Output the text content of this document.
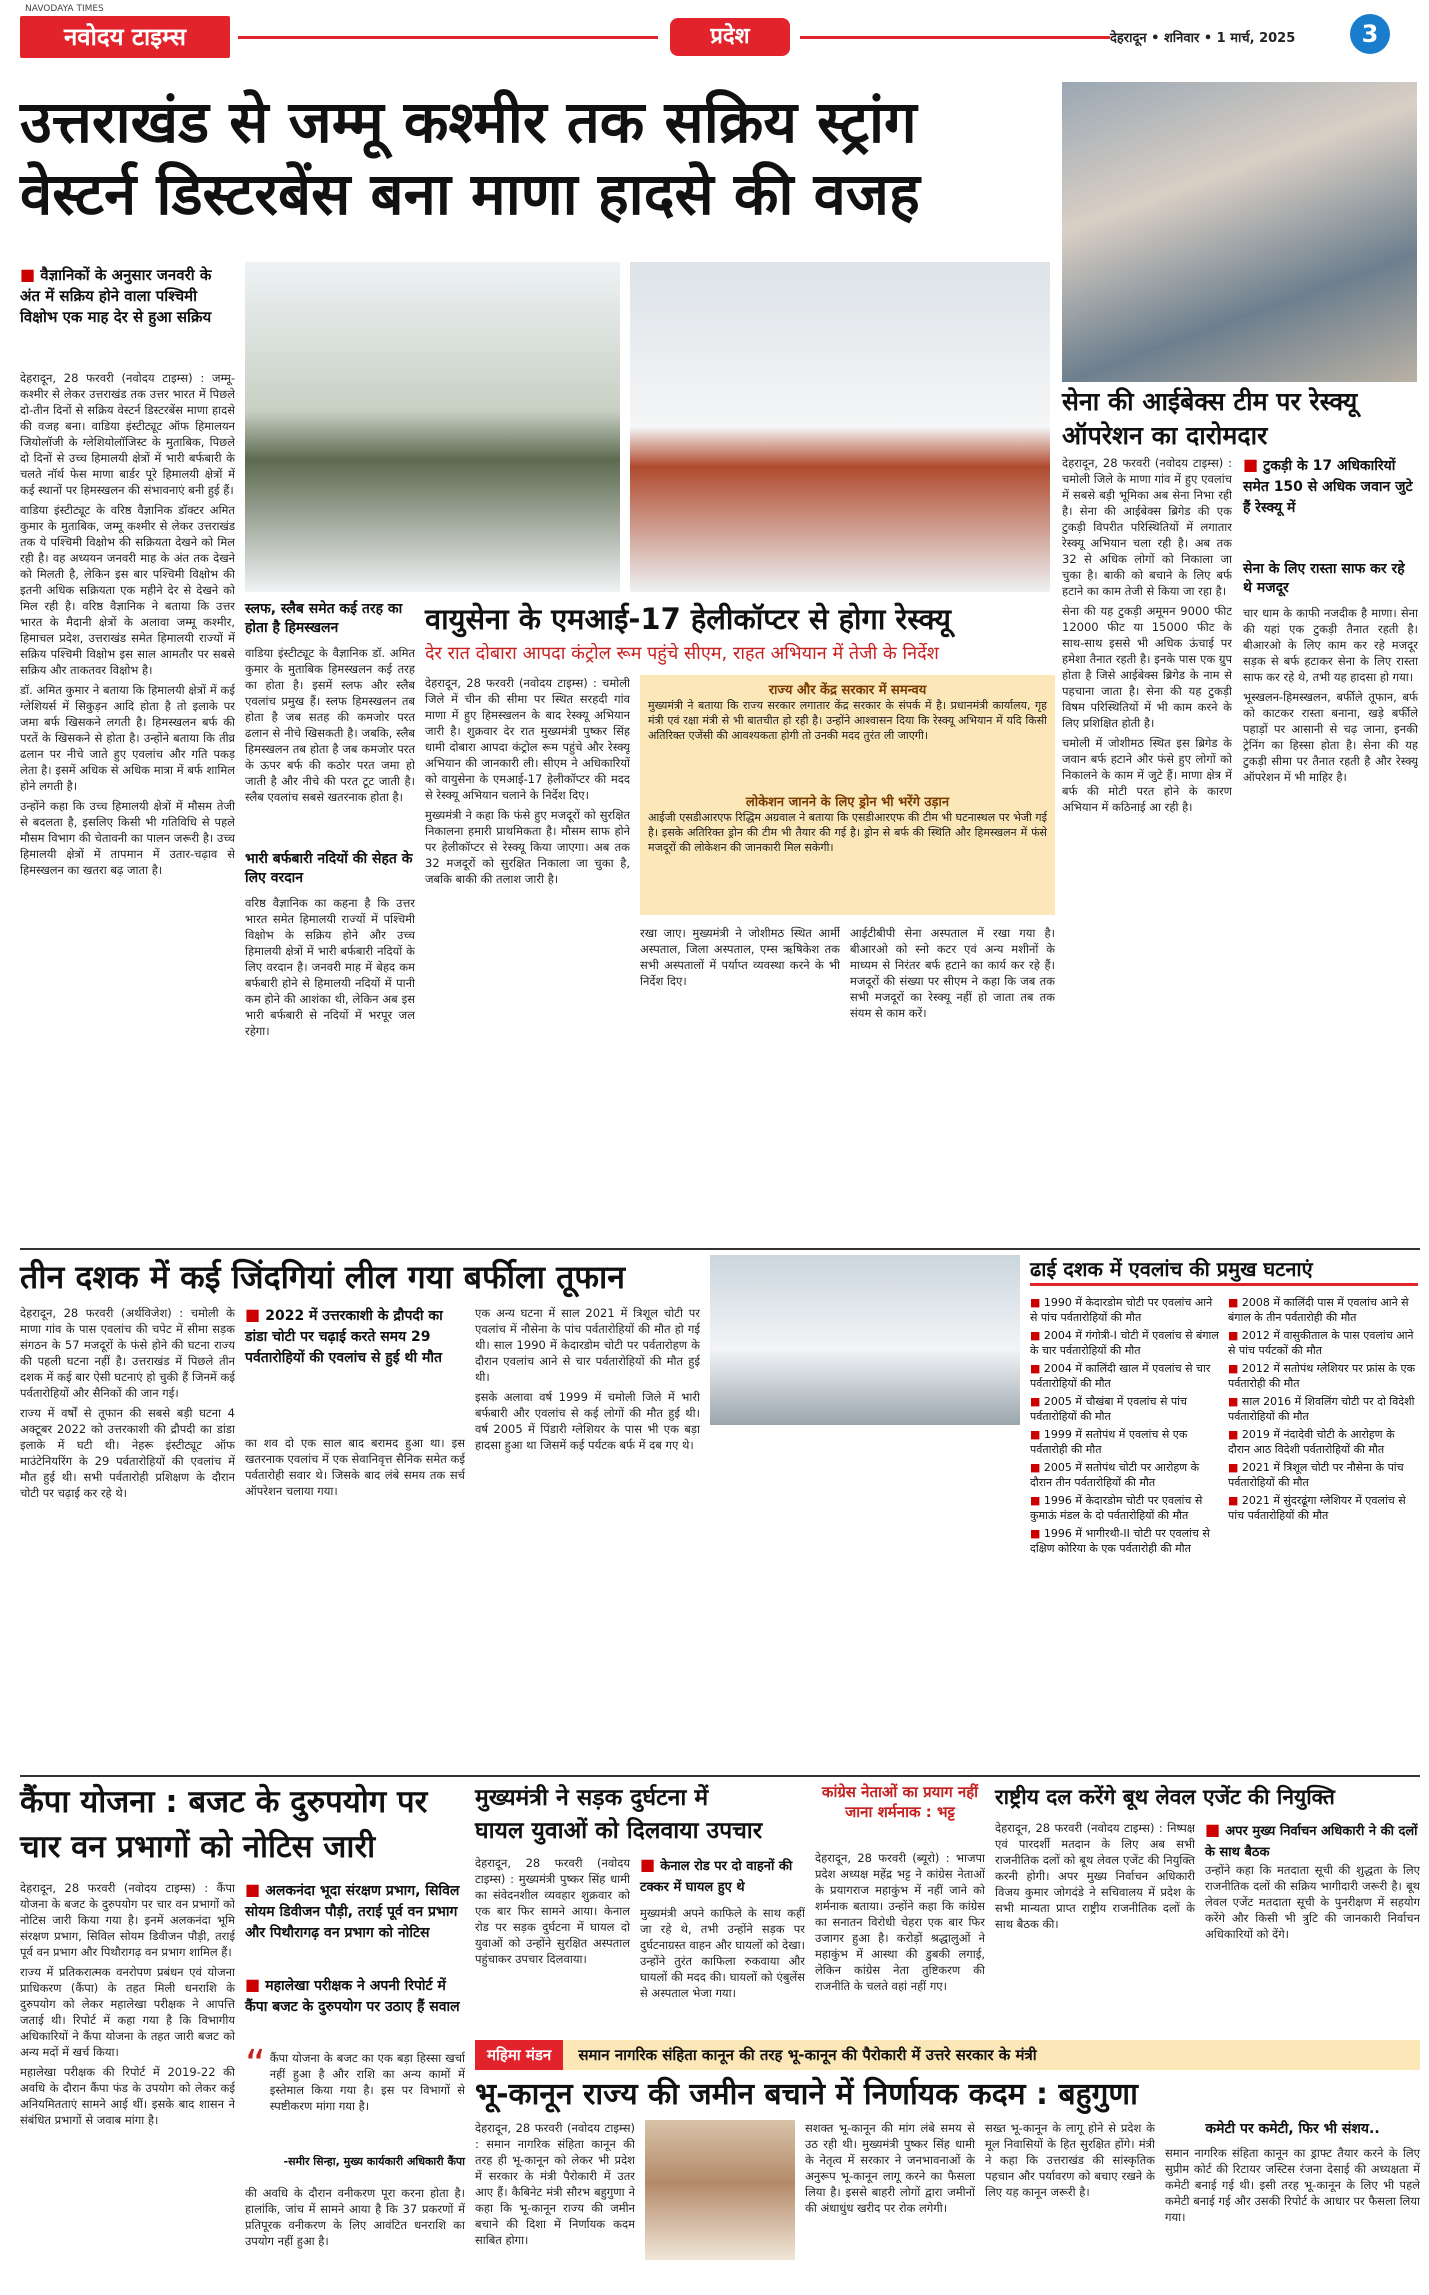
NAVODAYA TIMES
नवोदय टाइम्स	प्रदेश	देहरादून • शनिवार • 1 मार्च, 2025	3
उत्तराखंड से जम्मू कश्मीर तक सक्रिय स्ट्रांग
वेस्टर्न डिस्टरबेंस बना माणा हादसे की वजह
■ वैज्ञानिकों के अनुसार जनवरी के अंत में सक्रिय होने वाला पश्चिमी विक्षोभ एक माह देर से हुआ सक्रिय

देहरादून, 28 फरवरी (नवोदय टाइम्स) : जम्मू-कश्मीर से लेकर उत्तराखंड तक उत्तर भारत में पिछले दो-तीन दिनों से सक्रिय वेस्टर्न डिस्टरबेंस माणा हादसे की वजह बना। वाडिया इंस्टीट्यूट ऑफ हिमालयन जियोलॉजी के ग्लेशियोलॉजिस्ट के मुताबिक, पिछले दो दिनों से उच्च हिमालयी क्षेत्रों में भारी बर्फबारी के चलते नॉर्थ फेस माणा बार्डर पूरे हिमालयी क्षेत्रों में कई स्थानों पर हिमस्खलन की संभावनाएं बनी हुई हैं।

वाडिया इंस्टीट्यूट के वरिष्ठ वैज्ञानिक डॉक्टर अमित कुमार के मुताबिक, जम्मू कश्मीर से लेकर उत्तराखंड तक ये पश्चिमी विक्षोभ की सक्रियता देखने को मिल रही है। वह अध्ययन जनवरी माह के अंत तक देखने को मिलती है, लेकिन इस बार पश्चिमी विक्षोभ की इतनी अधिक सक्रियता एक महीने देर से देखने को मिल रही है। वरिष्ठ वैज्ञानिक ने बताया कि उत्तर भारत के मैदानी क्षेत्रों के अलावा जम्मू कश्मीर, हिमाचल प्रदेश, उत्तराखंड समेत हिमालयी राज्यों में सक्रिय पश्चिमी विक्षोभ इस साल आमतौर पर सबसे सक्रिय और ताकतवर विक्षोभ है।

डॉ. अमित कुमार ने बताया कि हिमालयी क्षेत्रों में कई ग्लेशियर्स में सिकुड़न आदि होता है तो इलाके पर जमा बर्फ खिसकने लगती है। हिमस्खलन बर्फ की परतें के खिसकने से होता है। उन्होंने बताया कि तीव्र ढलान पर नीचे जाते हुए एवलांच और गति पकड़ लेता है। इसमें अधिक से अधिक मात्रा में बर्फ शामिल होने लगती है।

उन्होंने कहा कि उच्च हिमालयी क्षेत्रों में मौसम तेजी से बदलता है, इसलिए किसी भी गतिविधि से पहले मौसम विभाग की चेतावनी का पालन जरूरी है। उच्च हिमालयी क्षेत्रों में तापमान में उतार-चढ़ाव से हिमस्खलन का खतरा बढ़ जाता है।

सेना की आईबेक्स टीम पर रेस्क्यू ऑपरेशन का दारोमदार

देहरादून, 28 फरवरी (नवोदय टाइम्स) : चमोली जिले के माणा गांव में हुए एवलांच में सबसे बड़ी भूमिका अब सेना निभा रही है। सेना की आईबेक्स ब्रिगेड की एक टुकड़ी विपरीत परिस्थितियों में लगातार रेस्क्यू अभियान चला रही है। अब तक 32 से अधिक लोगों को निकाला जा चुका है। बाकी को बचाने के लिए बर्फ हटाने का काम तेजी से किया जा रहा है।

सेना की यह टुकड़ी अमूमन 9000 फीट 12000 फीट या 15000 फीट के साथ-साथ इससे भी अधिक ऊंचाई पर हमेशा तैनात रहती है। इनके पास एक ग्रुप होता है जिसे आईबेक्स ब्रिगेड के नाम से पहचाना जाता है। सेना की यह टुकड़ी विषम परिस्थितियों में भी काम करने के लिए प्रशिक्षित होती है।

चमोली में जोशीमठ स्थित इस ब्रिगेड के जवान बर्फ हटाने और फंसे हुए लोगों को निकालने के काम में जुटे हैं। माणा क्षेत्र में बर्फ की मोटी परत होने के कारण अभियान में कठिनाई आ रही है।

■ टुकड़ी के 17 अधिकारियों समेत 150 से अधिक जवान जुटे हैं रेस्क्यू में
सेना के लिए रास्ता साफ कर रहे थे मजदूर

चार धाम के काफी नजदीक है माणा। सेना की यहां एक टुकड़ी तैनात रहती है। बीआरओ के लिए काम कर रहे मजदूर सड़क से बर्फ हटाकर सेना के लिए रास्ता साफ कर रहे थे, तभी यह हादसा हो गया।

भूस्खलन-हिमस्खलन, बर्फीले तूफान, बर्फ को काटकर रास्ता बनाना, खड़े बर्फीले पहाड़ों पर आसानी से चढ़ जाना, इनकी ट्रेनिंग का हिस्सा होता है। सेना की यह टुकड़ी सीमा पर तैनात रहती है और रेस्क्यू ऑपरेशन में भी माहिर है।

स्लफ, स्लैब समेत कई तरह का होता है हिमस्खलन
वाडिया इंस्टीट्यूट के वैज्ञानिक डॉ. अमित कुमार के मुताबिक हिमस्खलन कई तरह का होता है। इसमें स्लफ और स्लैब एवलांच प्रमुख हैं। स्लफ हिमस्खलन तब होता है जब सतह की कमजोर परत ढलान से नीचे खिसकती है। जबकि, स्लैब हिमस्खलन तब होता है जब कमजोर परत के ऊपर बर्फ की कठोर परत जमा हो जाती है और नीचे की परत टूट जाती है। स्लैब एवलांच सबसे खतरनाक होता है।
भारी बर्फबारी नदियों की सेहत के लिए वरदान
वरिष्ठ वैज्ञानिक का कहना है कि उत्तर भारत समेत हिमालयी राज्यों में पश्चिमी विक्षोभ के सक्रिय होने और उच्च हिमालयी क्षेत्रों में भारी बर्फबारी नदियों के लिए वरदान है। जनवरी माह में बेहद कम बर्फबारी होने से हिमालयी नदियों में पानी कम होने की आशंका थी, लेकिन अब इस भारी बर्फबारी से नदियों में भरपूर जल रहेगा।
वायुसेना के एमआई-17 हेलीकॉप्टर से होगा रेस्क्यू
देर रात दोबारा आपदा कंट्रोल रूम पहुंचे सीएम, राहत अभियान में तेजी के निर्देश

देहरादून, 28 फरवरी (नवोदय टाइम्स) : चमोली जिले में चीन की सीमा पर स्थित सरहदी गांव माणा में हुए हिमस्खलन के बाद रेस्क्यू अभियान जारी है। शुक्रवार देर रात मुख्यमंत्री पुष्कर सिंह धामी दोबारा आपदा कंट्रोल रूम पहुंचे और रेस्क्यू अभियान की जानकारी ली। सीएम ने अधिकारियों को वायुसेना के एमआई-17 हेलीकॉप्टर की मदद से रेस्क्यू अभियान चलाने के निर्देश दिए।

मुख्यमंत्री ने कहा कि फंसे हुए मजदूरों को सुरक्षित निकालना हमारी प्राथमिकता है। मौसम साफ होने पर हेलीकॉप्टर से रेस्क्यू किया जाएगा। अब तक 32 मजदूरों को सुरक्षित निकाला जा चुका है, जबकि बाकी की तलाश जारी है।

राज्य और केंद्र सरकार में समन्वय
मुख्यमंत्री ने बताया कि राज्य सरकार लगातार केंद्र सरकार के संपर्क में है। प्रधानमंत्री कार्यालय, गृह मंत्री एवं रक्षा मंत्री से भी बातचीत हो रही है। उन्होंने आश्वासन दिया कि रेस्क्यू अभियान में यदि किसी अतिरिक्त एजेंसी की आवश्यकता होगी तो उनकी मदद तुरंत ली जाएगी।
लोकेशन जानने के लिए ड्रोन भी भरेंगे उड़ान
आईजी एसडीआरएफ रिद्धिम अग्रवाल ने बताया कि एसडीआरएफ की टीम भी घटनास्थल पर भेजी गई है। इसके अतिरिक्त ड्रोन की टीम भी तैयार की गई है। ड्रोन से बर्फ की स्थिति और हिमस्खलन में फंसे मजदूरों की लोकेशन की जानकारी मिल सकेगी।
रखा जाए। मुख्यमंत्री ने जोशीमठ स्थित आर्मी अस्पताल, जिला अस्पताल, एम्स ऋषिकेश तक सभी अस्पतालों में पर्याप्त व्यवस्था करने के भी निर्देश दिए।
आईटीबीपी सेना अस्पताल में रखा गया है। बीआरओ को स्नो कटर एवं अन्य मशीनों के माध्यम से निरंतर बर्फ हटाने का कार्य कर रहे हैं। मजदूरों की संख्या पर सीएम ने कहा कि जब तक सभी मजदूरों का रेस्क्यू नहीं हो जाता तब तक संयम से काम करें।
तीन दशक में कई जिंदगियां लील गया बर्फीला तूफान

देहरादून, 28 फरवरी (अर्थविजेश) : चमोली के माणा गांव के पास एवलांच की चपेट में सीमा सड़क संगठन के 57 मजदूरों के फंसे होने की घटना राज्य की पहली घटना नहीं है। उत्तराखंड में पिछले तीन दशक में कई बार ऐसी घटनाएं हो चुकी हैं जिनमें कई पर्वतारोहियों और सैनिकों की जान गई।

राज्य में वर्षों से तूफान की सबसे बड़ी घटना 4 अक्टूबर 2022 को उत्तरकाशी की द्रौपदी का डांडा इलाके में घटी थी। नेहरू इंस्टीट्यूट ऑफ माउंटेनियरिंग के 29 पर्वतारोहियों की एवलांच में मौत हुई थी। सभी पर्वतारोही प्रशिक्षण के दौरान चोटी पर चढ़ाई कर रहे थे।

■ 2022 में उत्तरकाशी के द्रौपदी का डांडा चोटी पर चढ़ाई करते समय 29 पर्वतारोहियों की एवलांच से हुई थी मौत
का शव दो एक साल बाद बरामद हुआ था। इस खतरनाक एवलांच में एक सेवानिवृत्त सैनिक समेत कई पर्वतारोही सवार थे। जिसके बाद लंबे समय तक सर्च ऑपरेशन चलाया गया।

एक अन्य घटना में साल 2021 में त्रिशूल चोटी पर एवलांच में नौसेना के पांच पर्वतारोहियों की मौत हो गई थी। साल 1990 में केदारडोम चोटी पर पर्वतारोहण के दौरान एवलांच आने से चार पर्वतारोहियों की मौत हुई थी।

इसके अलावा वर्ष 1999 में चमोली जिले में भारी बर्फबारी और एवलांच से कई लोगों की मौत हुई थी। वर्ष 2005 में पिंडारी ग्लेशियर के पास भी एक बड़ा हादसा हुआ था जिसमें कई पर्यटक बर्फ में दब गए थे।

ढाई दशक में एवलांच की प्रमुख घटनाएं
■ 1990 में केदारडोम चोटी पर एवलांच आने से पांच पर्वतारोहियों की मौत
■ 2004 में गंगोत्री-I चोटी में एवलांच से बंगाल के चार पर्वतारोहियों की मौत
■ 2004 में कालिंदी खाल में एवलांच से चार पर्वतारोहियों की मौत
■ 2005 में चौखंबा में एवलांच से पांच पर्वतारोहियों की मौत
■ 1999 में सतोपंथ में एवलांच से एक पर्वतारोही की मौत
■ 2005 में सतोपंथ चोटी पर आरोहण के दौरान तीन पर्वतारोहियों की मौत
■ 1996 में केदारडोम चोटी पर एवलांच से कुमाऊं मंडल के दो पर्वतारोहियों की मौत
■ 1996 में भागीरथी-II चोटी पर एवलांच से दक्षिण कोरिया के एक पर्वतारोही की मौत
■ 2008 में कालिंदी पास में एवलांच आने से बंगाल के तीन पर्वतारोही की मौत
■ 2012 में वासुकीताल के पास एवलांच आने से पांच पर्यटकों की मौत
■ 2012 में सतोपंथ ग्लेशियर पर फ्रांस के एक पर्वतारोही की मौत
■ साल 2016 में शिवलिंग चोटी पर दो विदेशी पर्वतारोहियों की मौत
■ 2019 में नंदादेवी चोटी के आरोहण के दौरान आठ विदेशी पर्वतारोहियों की मौत
■ 2021 में त्रिशूल चोटी पर नौसेना के पांच पर्वतारोहियों की मौत
■ 2021 में सुंदरढूंगा ग्लेशियर में एवलांच से पांच पर्वतारोहियों की मौत
कैंपा योजना : बजट के दुरुपयोग पर
चार वन प्रभागों को नोटिस जारी

देहरादून, 28 फरवरी (नवोदय टाइम्स) : कैंपा योजना के बजट के दुरुपयोग पर चार वन प्रभागों को नोटिस जारी किया गया है। इनमें अलकनंदा भूमि संरक्षण प्रभाग, सिविल सोयम डिवीजन पौड़ी, तराई पूर्व वन प्रभाग और पिथौरागढ़ वन प्रभाग शामिल हैं।

राज्य में प्रतिकरात्मक वनरोपण प्रबंधन एवं योजना प्राधिकरण (कैंपा) के तहत मिली धनराशि के दुरुपयोग को लेकर महालेखा परीक्षक ने आपत्ति जताई थी। रिपोर्ट में कहा गया है कि विभागीय अधिकारियों ने कैंपा योजना के तहत जारी बजट को अन्य मदों में खर्च किया।

महालेखा परीक्षक की रिपोर्ट में 2019-22 की अवधि के दौरान कैंपा फंड के उपयोग को लेकर कई अनियमितताएं सामने आई थीं। इसके बाद शासन ने संबंधित प्रभागों से जवाब मांगा है।

■ अलकनंदा भूदा संरक्षण प्रभाग, सिविल सोयम डिवीजन पौड़ी, तराई पूर्व वन प्रभाग और पिथौरागढ़ वन प्रभाग को नोटिस
■ महालेखा परीक्षक ने अपनी रिपोर्ट में कैंपा बजट के दुरुपयोग पर उठाए हैं सवाल
“ कैंपा योजना के बजट का एक बड़ा हिस्सा खर्चा नहीं हुआ है और राशि का अन्य कामों में इस्तेमाल किया गया है। इस पर विभागों से स्पष्टीकरण मांगा गया है।
-समीर सिन्हा, मुख्य कार्यकारी अधिकारी कैंपा
की अवधि के दौरान वनीकरण पूरा करना होता है। हालांकि, जांच में सामने आया है कि 37 प्रकरणों में प्रतिपूरक वनीकरण के लिए आवंटित धनराशि का उपयोग नहीं हुआ है।
मुख्यमंत्री ने सड़क दुर्घटना में
घायल युवाओं को दिलवाया उपचार
देहरादून, 28 फरवरी (नवोदय टाइम्स) : मुख्यमंत्री पुष्कर सिंह धामी का संवेदनशील व्यवहार शुक्रवार को एक बार फिर सामने आया। केनाल रोड पर सड़क दुर्घटना में घायल दो युवाओं को उन्होंने सुरक्षित अस्पताल पहुंचाकर उपचार दिलवाया।
■ केनाल रोड पर दो वाहनों की टक्कर में घायल हुए थे
मुख्यमंत्री अपने काफिले के साथ कहीं जा रहे थे, तभी उन्होंने सड़क पर दुर्घटनाग्रस्त वाहन और घायलों को देखा। उन्होंने तुरंत काफिला रुकवाया और घायलों की मदद की। घायलों को एंबुलेंस से अस्पताल भेजा गया।
कांग्रेस नेताओं का प्रयाग नहीं जाना शर्मनाक : भट्ट
देहरादून, 28 फरवरी (ब्यूरो) : भाजपा प्रदेश अध्यक्ष महेंद्र भट्ट ने कांग्रेस नेताओं के प्रयागराज महाकुंभ में नहीं जाने को शर्मनाक बताया। उन्होंने कहा कि कांग्रेस का सनातन विरोधी चेहरा एक बार फिर उजागर हुआ है। करोड़ों श्रद्धालुओं ने महाकुंभ में आस्था की डुबकी लगाई, लेकिन कांग्रेस नेता तुष्टिकरण की राजनीति के चलते वहां नहीं गए।
राष्ट्रीय दल करेंगे बूथ लेवल एजेंट की नियुक्ति
देहरादून, 28 फरवरी (नवोदय टाइम्स) : निष्पक्ष एवं पारदर्शी मतदान के लिए अब सभी राजनीतिक दलों को बूथ लेवल एजेंट की नियुक्ति करनी होगी। अपर मुख्य निर्वाचन अधिकारी विजय कुमार जोगदंडे ने सचिवालय में प्रदेश के सभी मान्यता प्राप्त राष्ट्रीय राजनीतिक दलों के साथ बैठक की।
■ अपर मुख्य निर्वाचन अधिकारी ने की दलों के साथ बैठक
उन्होंने कहा कि मतदाता सूची की शुद्धता के लिए राजनीतिक दलों की सक्रिय भागीदारी जरूरी है। बूथ लेवल एजेंट मतदाता सूची के पुनरीक्षण में सहयोग करेंगे और किसी भी त्रुटि की जानकारी निर्वाचन अधिकारियों को देंगे।
महिमा मंडन समान नागरिक संहिता कानून की तरह भू-कानून की पैरोकारी में उत्तरे सरकार के मंत्री
भू-कानून राज्य की जमीन बचाने में निर्णायक कदम : बहुगुणा
देहरादून, 28 फरवरी (नवोदय टाइम्स) : समान नागरिक संहिता कानून की तरह ही भू-कानून को लेकर भी प्रदेश में सरकार के मंत्री पैरोकारी में उतर आए हैं। कैबिनेट मंत्री सौरभ बहुगुणा ने कहा कि भू-कानून राज्य की जमीन बचाने की दिशा में निर्णायक कदम साबित होगा।
सशक्त भू-कानून की मांग लंबे समय से उठ रही थी। मुख्यमंत्री पुष्कर सिंह धामी के नेतृत्व में सरकार ने जनभावनाओं के अनुरूप भू-कानून लागू करने का फैसला लिया है। इससे बाहरी लोगों द्वारा जमीनों की अंधाधुंध खरीद पर रोक लगेगी।
सख्त भू-कानून के लागू होने से प्रदेश के मूल निवासियों के हित सुरक्षित होंगे। मंत्री ने कहा कि उत्तराखंड की सांस्कृतिक पहचान और पर्यावरण को बचाए रखने के लिए यह कानून जरूरी है।
कमेटी पर कमेटी, फिर भी संशय..
समान नागरिक संहिता कानून का ड्राफ्ट तैयार करने के लिए सुप्रीम कोर्ट की रिटायर जस्टिस रंजना देसाई की अध्यक्षता में कमेटी बनाई गई थी। इसी तरह भू-कानून के लिए भी पहले कमेटी बनाई गई और उसकी रिपोर्ट के आधार पर फैसला लिया गया।
